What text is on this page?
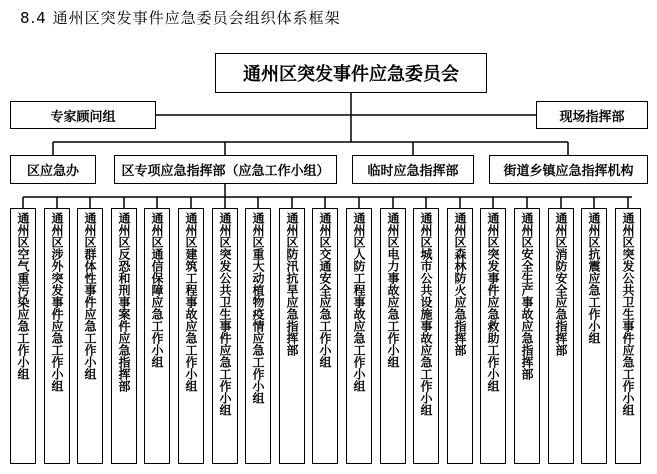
8.4 通州区突发事件应急委员会组织体系框架
通州区突发事件应急委员会
专家顾问组	现场指挥部
区应急办	区专项应急指挥部（应急工作小组）	临时应急指挥部	街道乡镇应急指挥机构
通州区空气重污染应急工作小组	通州区涉外突发事件应急工作小组	通州区群体性事件应急工作小组	通州区反恐和刑事案件应急指挥部	通州区通信保障应急工作小组	通州区建筑工程事故应急工作小组	通州区突发公共卫生事件应急工作小组	通州区重大动植物疫情应急工作小组	通州区防汛抗旱应急指挥部	通州区交通安全应急工作小组	通州区人防工程事故应急工作小组	通州区电力事故应急工作小组	通州区城市公共设施事故应急工作小组	通州区森林防火应急指挥部	通州区突发事件应急救助工作小组	通州区安全生产事故应急指挥部	通州区消防安全应急指挥部	通州区抗震应急工作小组	通州区突发公共卫生事件应急工作小组
